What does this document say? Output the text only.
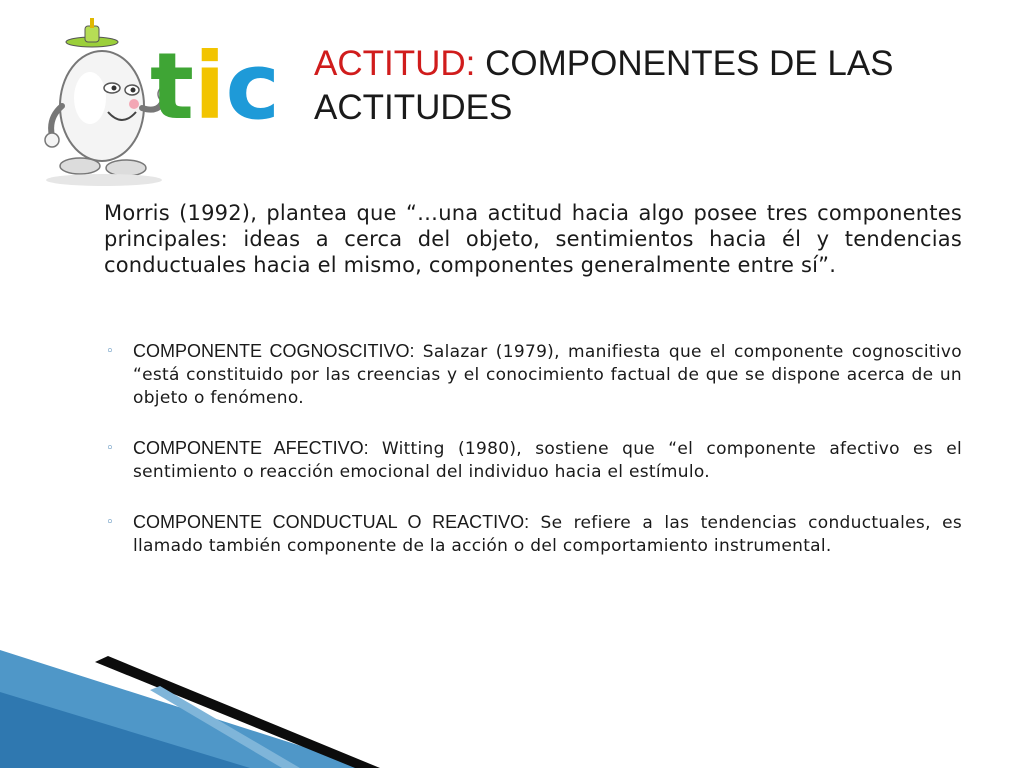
tic ACTITUD: COMPONENTES DE LAS ACTITUDES

Morris (1992), plantea que “…una actitud hacia algo posee tres componentes principales: ideas a cerca del objeto, sentimientos hacia él y tendencias conductuales hacia el mismo, componentes generalmente entre sí”.

◦ COMPONENTE COGNOSCITIVO: Salazar (1979), manifiesta que el componente cognoscitivo “está constituido por las creencias y el conocimiento factual de que se dispone acerca de un objeto o fenómeno.
◦ COMPONENTE AFECTIVO: Witting (1980), sostiene que “el componente afectivo es el sentimiento o reacción emocional del individuo hacia el estímulo.
◦ COMPONENTE CONDUCTUAL O REACTIVO: Se refiere a las tendencias conductuales, es llamado también componente de la acción o del comportamiento instrumental.
